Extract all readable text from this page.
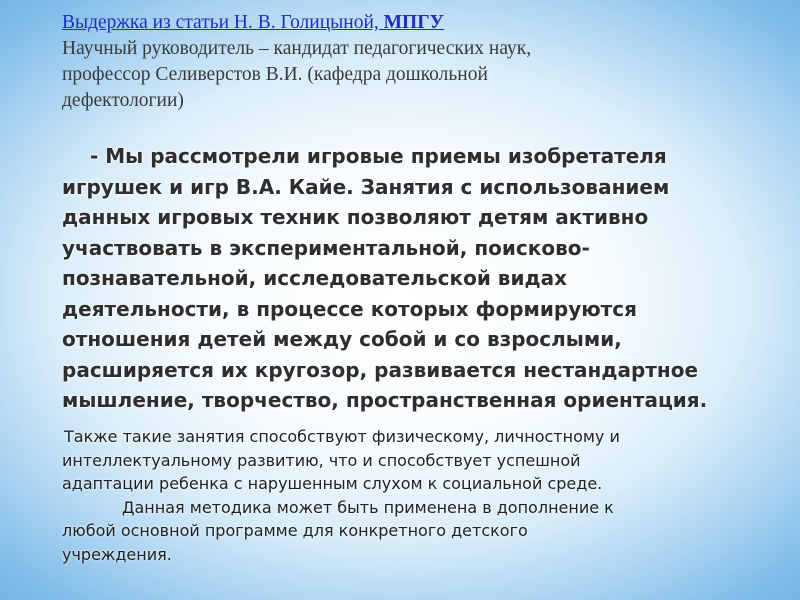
Выдержка из статьи Н. В. Голицыной, МПГУ
Научный руководитель – кандидат педагогических наук,
профессор Селиверстов В.И. (кафедра дошкольной
дефектологии)
- Мы рассмотрели игровые приемы изобретателя
игрушек и игр В.А. Кайе. Занятия с использованием
данных игровых техник позволяют детям активно
участвовать в экспериментальной, поисково-
познавательной, исследовательской видах
деятельности, в процессе которых формируются
отношения детей между собой и со взрослыми,
расширяется их кругозор, развивается нестандартное
мышление, творчество, пространственная ориентация.
Также такие занятия способствуют физическому, личностному и
интеллектуальному развитию, что и способствует успешной
адаптации ребенка с нарушенным слухом к социальной среде.
Данная методика может быть применена в дополнение к
любой основной программе для конкретного детского
учреждения.
